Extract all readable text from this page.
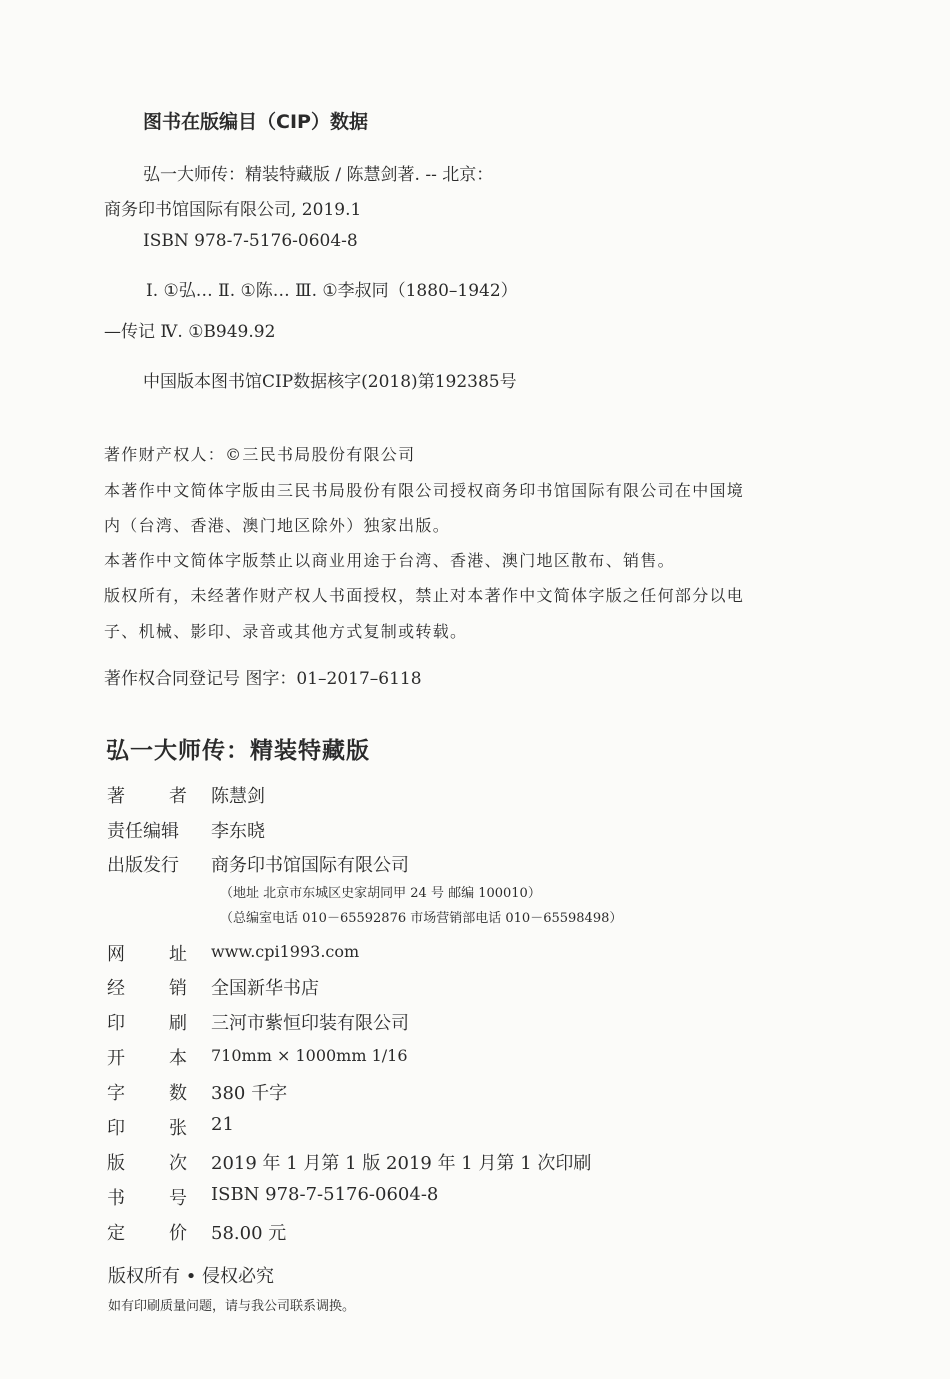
图书在版编目（CIP）数据
弘一大师传：精装特藏版 / 陈慧剑著. -- 北京：
商务印书馆国际有限公司, 2019.1
ISBN 978-7-5176-0604-8
Ⅰ. ①弘… Ⅱ. ①陈… Ⅲ. ①李叔同（1880–1942）
—传记 Ⅳ. ①B949.92
中国版本图书馆CIP数据核字(2018)第192385号
著作财产权人：©三民书局股份有限公司
本著作中文简体字版由三民书局股份有限公司授权商务印书馆国际有限公司在中国境
内（台湾、香港、澳门地区除外）独家出版。
本著作中文简体字版禁止以商业用途于台湾、香港、澳门地区散布、销售。
版权所有，未经著作财产权人书面授权，禁止对本著作中文简体字版之任何部分以电
子、机械、影印、录音或其他方式复制或转载。
著作权合同登记号 图字：01–2017–6118
弘一大师传：精装特藏版
著 者 陈慧剑
责任编辑	李东晓
出版发行	商务印书馆国际有限公司
（地址 北京市东城区史家胡同甲 24 号 邮编 100010）
（总编室电话 010－65592876 市场营销部电话 010－65598498）
网 址 www.cpi1993.com
经 销 全国新华书店
印 刷 三河市紫恒印装有限公司
开 本 710mm × 1000mm 1/16
字 数 380 千字
印 张 21
版 次 2019 年 1 月第 1 版 2019 年 1 月第 1 次印刷
书 号 ISBN 978-7-5176-0604-8
定 价 58.00 元
版权所有 • 侵权必究
如有印刷质量问题，请与我公司联系调换。
